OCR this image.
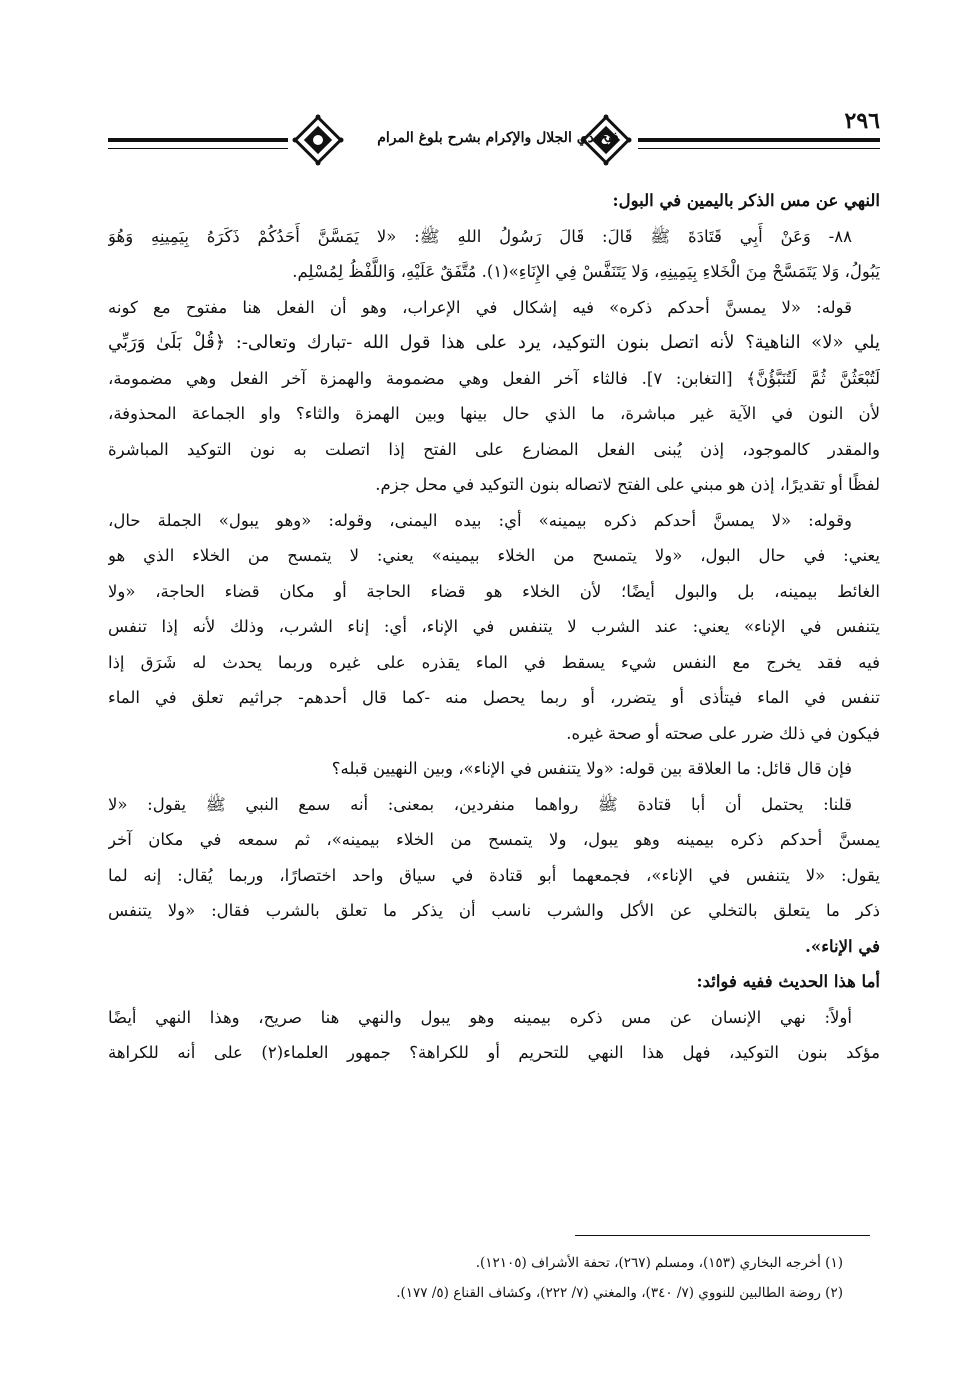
٢٩٦
فتح ذي الجلال والإكرام بشرح بلوغ المرام
النهي عن مس الذكر باليمين في البول:
٨٨- وَعَنْ أَبِي قَتَادَةَ ﷺ قَالَ: قَالَ رَسُولُ اللهِ ﷺ: «لا يَمَسَّنَّ أَحَدُكُمْ ذَكَرَهُ بِيَمِينِهِ وَهُوَ
يَبُولُ، وَلا يَتَمَسَّحْ مِنَ الْخَلاءِ بِيَمِينِهِ، وَلا يَتَنَفَّسْ فِي الإِنَاءِ»(١). مُتَّفَقٌ عَلَيْهِ، وَاللَّفْظُ لِمُسْلِم.
قوله: «لا يمسنَّ أحدكم ذكره» فيه إشكال في الإعراب، وهو أن الفعل هنا مفتوح مع كونه
يلي «لا» الناهية؟ لأنه اتصل بنون التوكيد، يرد على هذا قول الله -تبارك وتعالى-: ﴿قُلْ بَلَىٰ وَرَبِّي
لَتُبْعَثُنَّ ثُمَّ لَتُنَبَّؤُنَّ﴾ [التغابن: ٧]. فالثاء آخر الفعل وهي مضمومة والهمزة آخر الفعل وهي مضمومة،
لأن النون في الآية غير مباشرة، ما الذي حال بينها وبين الهمزة والثاء؟ واو الجماعة المحذوفة،
والمقدر كالموجود، إذن يُبنى الفعل المضارع على الفتح إذا اتصلت به نون التوكيد المباشرة
لفظًا أو تقديرًا، إذن هو مبني على الفتح لاتصاله بنون التوكيد في محل جزم.
وقوله: «لا يمسنَّ أحدكم ذكره بيمينه» أي: بيده اليمنى، وقوله: «وهو يبول» الجملة حال،
يعني: في حال البول، «ولا يتمسح من الخلاء بيمينه» يعني: لا يتمسح من الخلاء الذي هو
الغائط بيمينه، بل والبول أيضًا؛ لأن الخلاء هو قضاء الحاجة أو مكان قضاء الحاجة، «ولا
يتنفس في الإناء» يعني: عند الشرب لا يتنفس في الإناء، أي: إناء الشرب، وذلك لأنه إذا تنفس
فيه فقد يخرج مع النفس شيء يسقط في الماء يقذره على غيره وربما يحدث له شَرَق إذا
تنفس في الماء فيتأذى أو يتضرر، أو ربما يحصل منه -كما قال أحدهم- جراثيم تعلق في الماء
فيكون في ذلك ضرر على صحته أو صحة غيره.
فإن قال قائل: ما العلاقة بين قوله: «ولا يتنفس في الإناء»، وبين النهيين قبله؟
قلنا: يحتمل أن أبا قتادة ﷺ رواهما منفردين، بمعنى: أنه سمع النبي ﷺ يقول: «لا
يمسنَّ أحدكم ذكره بيمينه وهو يبول، ولا يتمسح من الخلاء بيمينه»، ثم سمعه في مكان آخر
يقول: «لا يتنفس في الإناء»، فجمعهما أبو قتادة في سياق واحد اختصارًا، وربما يُقال: إنه لما
ذكر ما يتعلق بالتخلي عن الأكل والشرب ناسب أن يذكر ما تعلق بالشرب فقال: «ولا يتنفس
في الإناء».
أما هذا الحديث ففيه فوائد:
أولاً: نهي الإنسان عن مس ذكره بيمينه وهو يبول والنهي هنا صريح، وهذا النهي أيضًا
مؤكد بنون التوكيد، فهل هذا النهي للتحريم أو للكراهة؟ جمهور العلماء(٢) على أنه للكراهة
(١) أخرجه البخاري (١٥٣)، ومسلم (٢٦٧)، تحفة الأشراف (١٢١٠٥).
(٢) روضة الطالبين للنووي (٧/ ٣٤٠)، والمغني (٧/ ٢٢٢)، وكشاف القناع (٥/ ١٧٧).
